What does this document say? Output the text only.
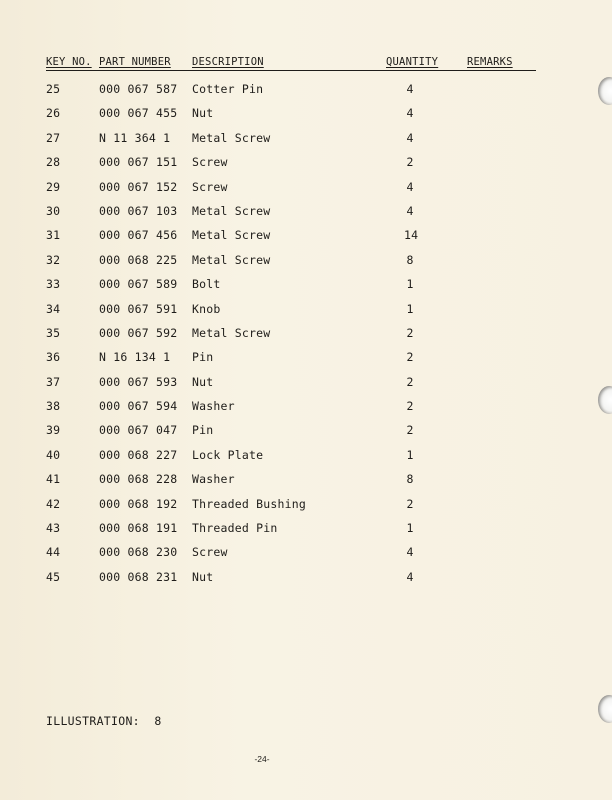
KEY NO. PART NUMBER DESCRIPTION	QUANTITY	REMARKS
25	000 067 587 Cotter Pin	4
26	000 067 455 Nut	4
27	N 11 364 1 Metal Screw	4
28	000 067 151 Screw	2
29	000 067 152 Screw	4
30	000 067 103 Metal Screw	4
31	000 067 456 Metal Screw	14
32	000 068 225 Metal Screw	8
33	000 067 589 Bolt	1
34	000 067 591 Knob	1
35	000 067 592 Metal Screw	2
36	N 16 134 1 Pin	2
37	000 067 593 Nut	2
38	000 067 594 Washer	2
39	000 067 047 Pin	2
40	000 068 227 Lock Plate	1
41	000 068 228 Washer	8
42	000 068 192 Threaded Bushing	2
43	000 068 191 Threaded Pin	1
44	000 068 230 Screw	4
45	000 068 231 Nut	4
ILLUSTRATION: 8
-24-
